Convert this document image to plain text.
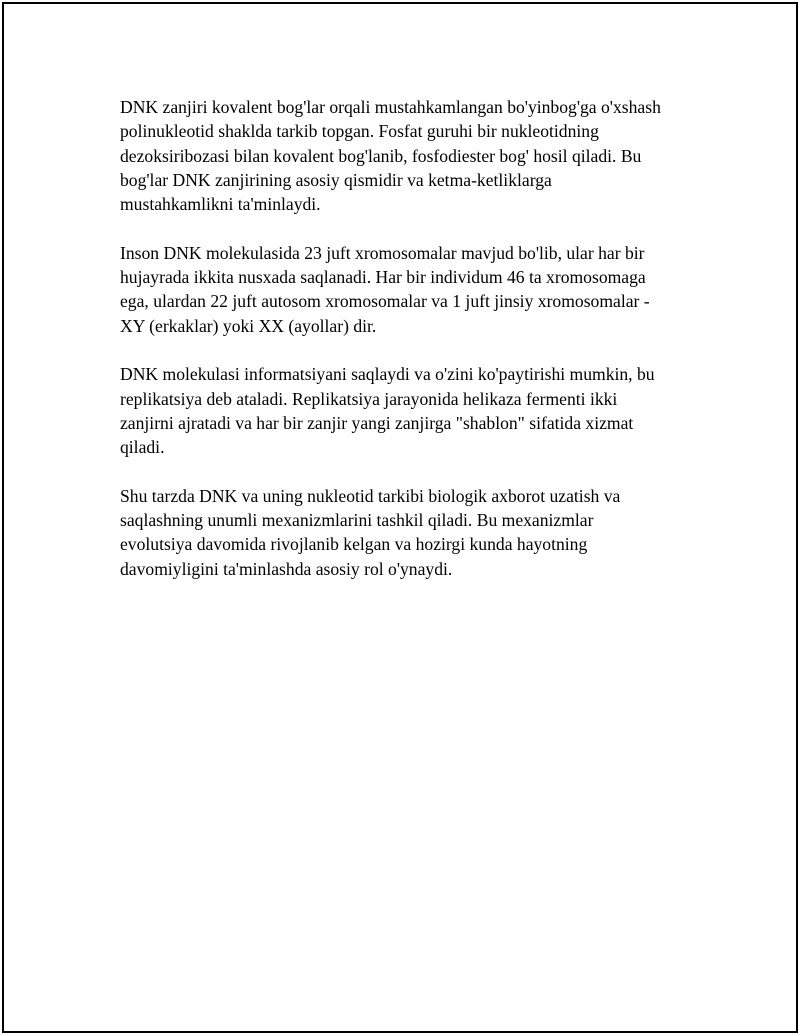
DNK zanjiri kovalent bog'lar orqali mustahkamlangan bo'yinbog'ga o'xshash
polinukleotid shaklda tarkib topgan. Fosfat guruhi bir nukleotidning
dezoksiribozasi bilan kovalent bog'lanib, fosfodiester bog' hosil qiladi. Bu
bog'lar DNK zanjirining asosiy qismidir va ketma-ketliklarga
mustahkamlikni ta'minlaydi.

Inson DNK molekulasida 23 juft xromosomalar mavjud bo'lib, ular har bir
hujayrada ikkita nusxada saqlanadi. Har bir individum 46 ta xromosomaga
ega, ulardan 22 juft autosom xromosomalar va 1 juft jinsiy xromosomalar -
XY (erkaklar) yoki XX (ayollar) dir.

DNK molekulasi informatsiyani saqlaydi va o'zini ko'paytirishi mumkin, bu
replikatsiya deb ataladi. Replikatsiya jarayonida helikaza fermenti ikki
zanjirni ajratadi va har bir zanjir yangi zanjirga "shablon" sifatida xizmat
qiladi.

Shu tarzda DNK va uning nukleotid tarkibi biologik axborot uzatish va
saqlashning unumli mexanizmlarini tashkil qiladi. Bu mexanizmlar
evolutsiya davomida rivojlanib kelgan va hozirgi kunda hayotning
davomiyligini ta'minlashda asosiy rol o'ynaydi.
